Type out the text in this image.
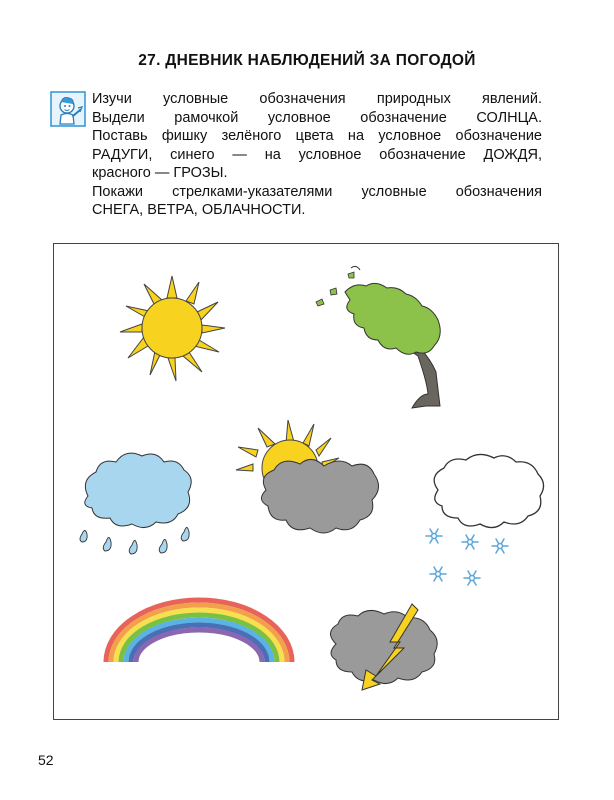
27. ДНЕВНИК НАБЛЮДЕНИЙ ЗА ПОГОДОЙ
Изучи условные обозначения природных явлений.
Выдели рамочкой условное обозначение СОЛНЦА.
Поставь фишку зелёного цвета на условное обозначение
РАДУГИ, синего — на условное обозначение ДОЖДЯ,
красного — ГРОЗЫ.
Покажи стрелками-указателями условные обозначения
СНЕГА, ВЕТРА, ОБЛАЧНОСТИ.
52
